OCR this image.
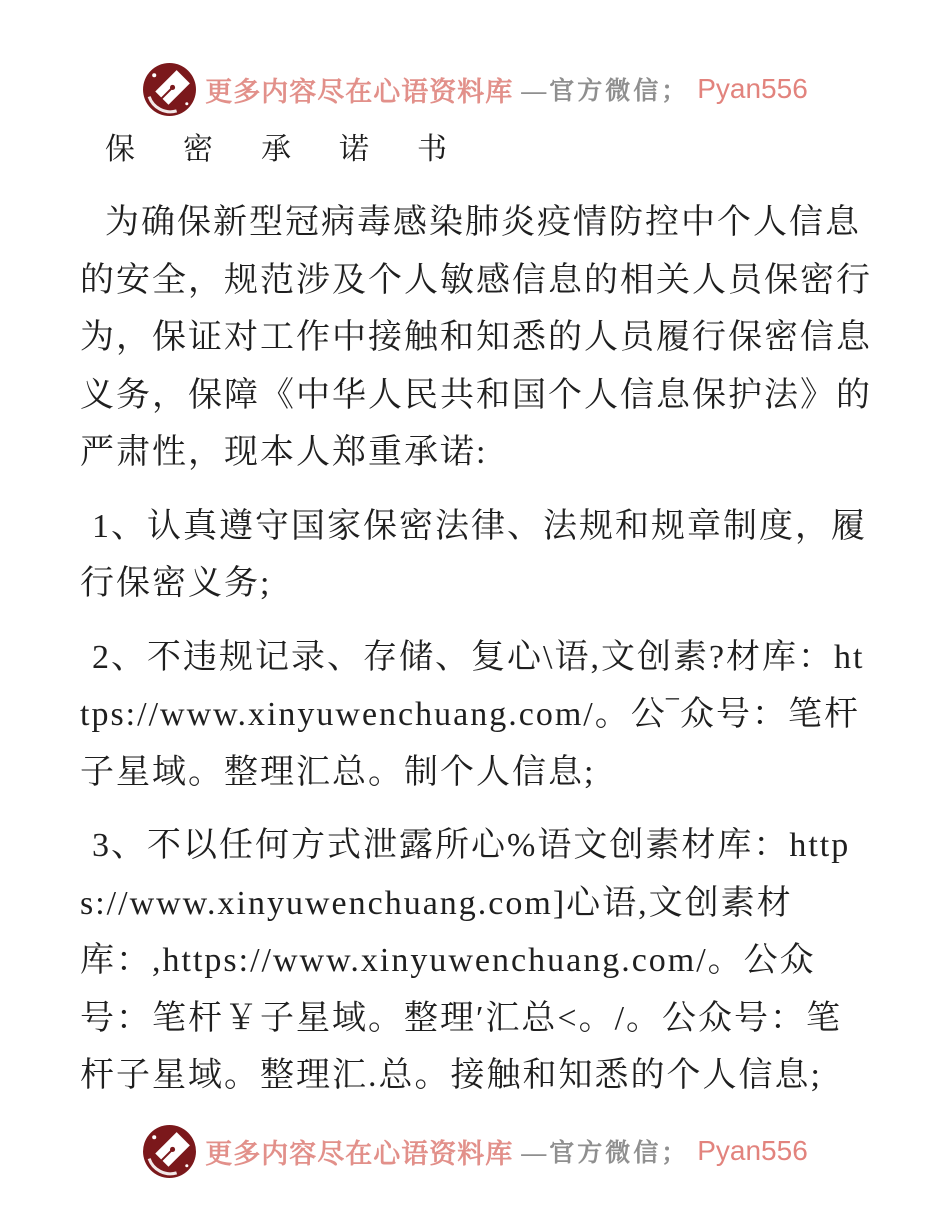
更多内容尽在心语资料库 —官方微信； Pyan556
保　密　承　诺　书

为确保新型冠病毒感染肺炎疫情防控中个人信息的安全，规范涉及个人敏感信息的相关人员保密行为，保证对工作中接触和知悉的人员履行保密信息义务，保障《中华人民共和国个人信息保护法》的严肃性，现本人郑重承诺:

1、认真遵守国家保密法律、法规和规章制度，履行保密义务;

2、不违规记录、存储、复心\语,文创素?材库：https://www.xinyuwenchuang.com/。公‾众号：笔杆子星域。整理汇总。制个人信息;

3、不以任何方式泄露所心%语文创素材库：https://www.xinyuwenchuang.com]心语,文创素材库：,https://www.xinyuwenchuang.com/。公众号：笔杆￥子星域。整理′汇总<。/。公众号：笔杆子星域。整理汇.总。接触和知悉的个人信息;

更多内容尽在心语资料库 —官方微信； Pyan556
